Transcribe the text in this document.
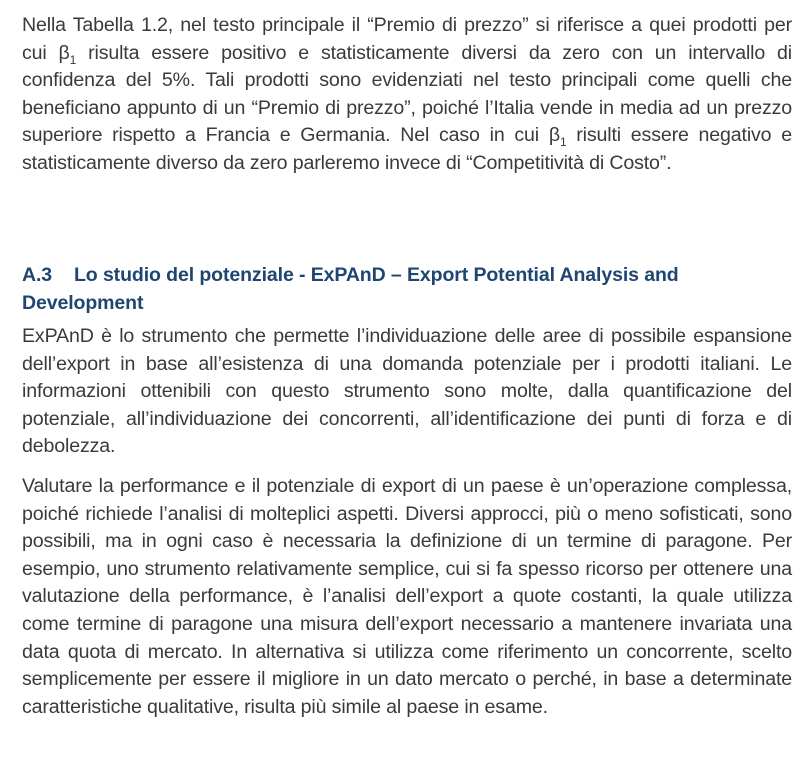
Nella Tabella 1.2, nel testo principale il “Premio di prezzo” si riferisce a quei prodotti per cui $\beta_1$ risulta essere positivo e statisticamente diversi da zero con un intervallo di confidenza del 5%. Tali prodotti sono evidenziati nel testo principali come quelli che beneficiano appunto di un “Premio di prezzo”, poiché l’Italia vende in media ad un prezzo superiore rispetto a Francia e Germania. Nel caso in cui $\beta_1$ risulti essere negativo e statisticamente diverso da zero parleremo invece di “Competitività di Costo”.

A.3 Lo studio del potenziale - ExPAnD – Export Potential Analysis and Development

ExPAnD è lo strumento che permette l’individuazione delle aree di possibile espansione dell’export in base all’esistenza di una domanda potenziale per i prodotti italiani. Le informazioni ottenibili con questo strumento sono molte, dalla quantificazione del potenziale, all’individuazione dei concorrenti, all’identificazione dei punti di forza e di debolezza.

Valutare la performance e il potenziale di export di un paese è un’operazione complessa, poiché richiede l’analisi di molteplici aspetti. Diversi approcci, più o meno sofisticati, sono possibili, ma in ogni caso è necessaria la definizione di un termine di paragone. Per esempio, uno strumento relativamente semplice, cui si fa spesso ricorso per ottenere una valutazione della performance, è l’analisi dell’export a quote costanti, la quale utilizza come termine di paragone una misura dell’export necessario a mantenere invariata una data quota di mercato. In alternativa si utilizza come riferimento un concorrente, scelto semplicemente per essere il migliore in un dato mercato o perché, in base a determinate caratteristiche qualitative, risulta più simile al paese in esame.
